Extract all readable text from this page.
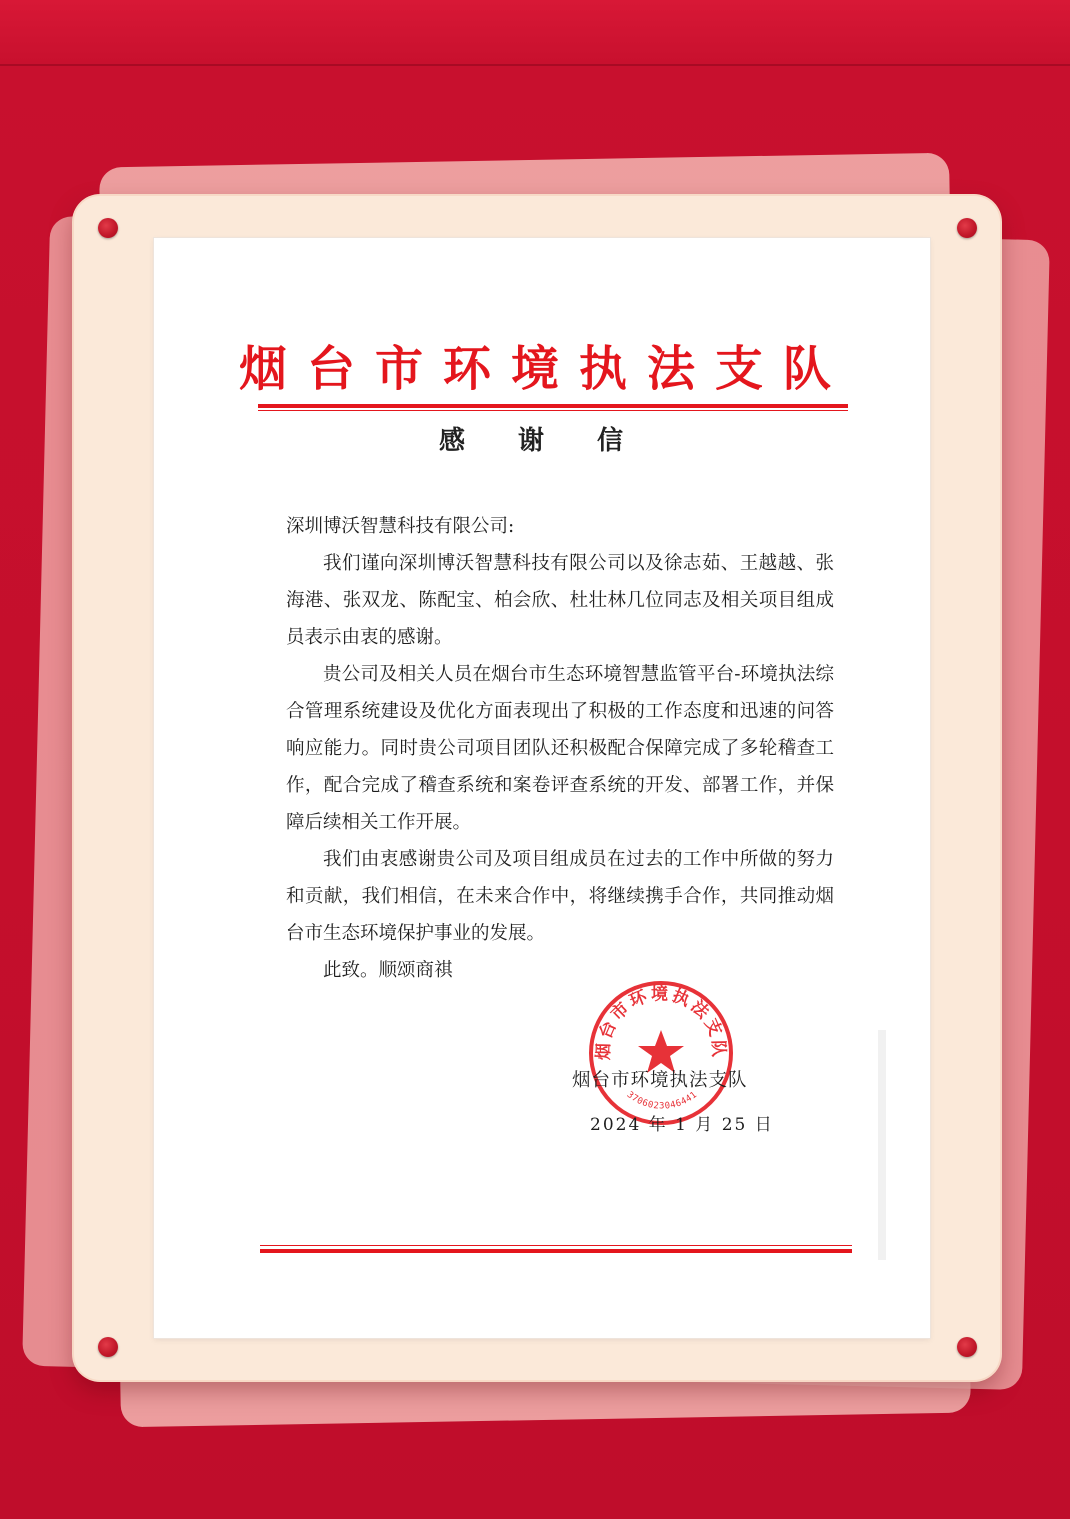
烟台市环境执法支队
感 谢 信

深圳博沃智慧科技有限公司:

我们谨向深圳博沃智慧科技有限公司以及徐志茹、王越越、张海港、张双龙、陈配宝、柏会欣、杜壮林几位同志及相关项目组成员表示由衷的感谢。

贵公司及相关人员在烟台市生态环境智慧监管平台-环境执法综合管理系统建设及优化方面表现出了积极的工作态度和迅速的问答响应能力。同时贵公司项目团队还积极配合保障完成了多轮稽查工作，配合完成了稽查系统和案卷评查系统的开发、部署工作，并保障后续相关工作开展。

我们由衷感谢贵公司及项目组成员在过去的工作中所做的努力和贡献，我们相信，在未来合作中，将继续携手合作，共同推动烟台市生态环境保护事业的发展。

此致。顺颂商祺

烟台市环境执法支队
3706023046441
烟台市环境执法支队
2024 年 1 月 25 日
